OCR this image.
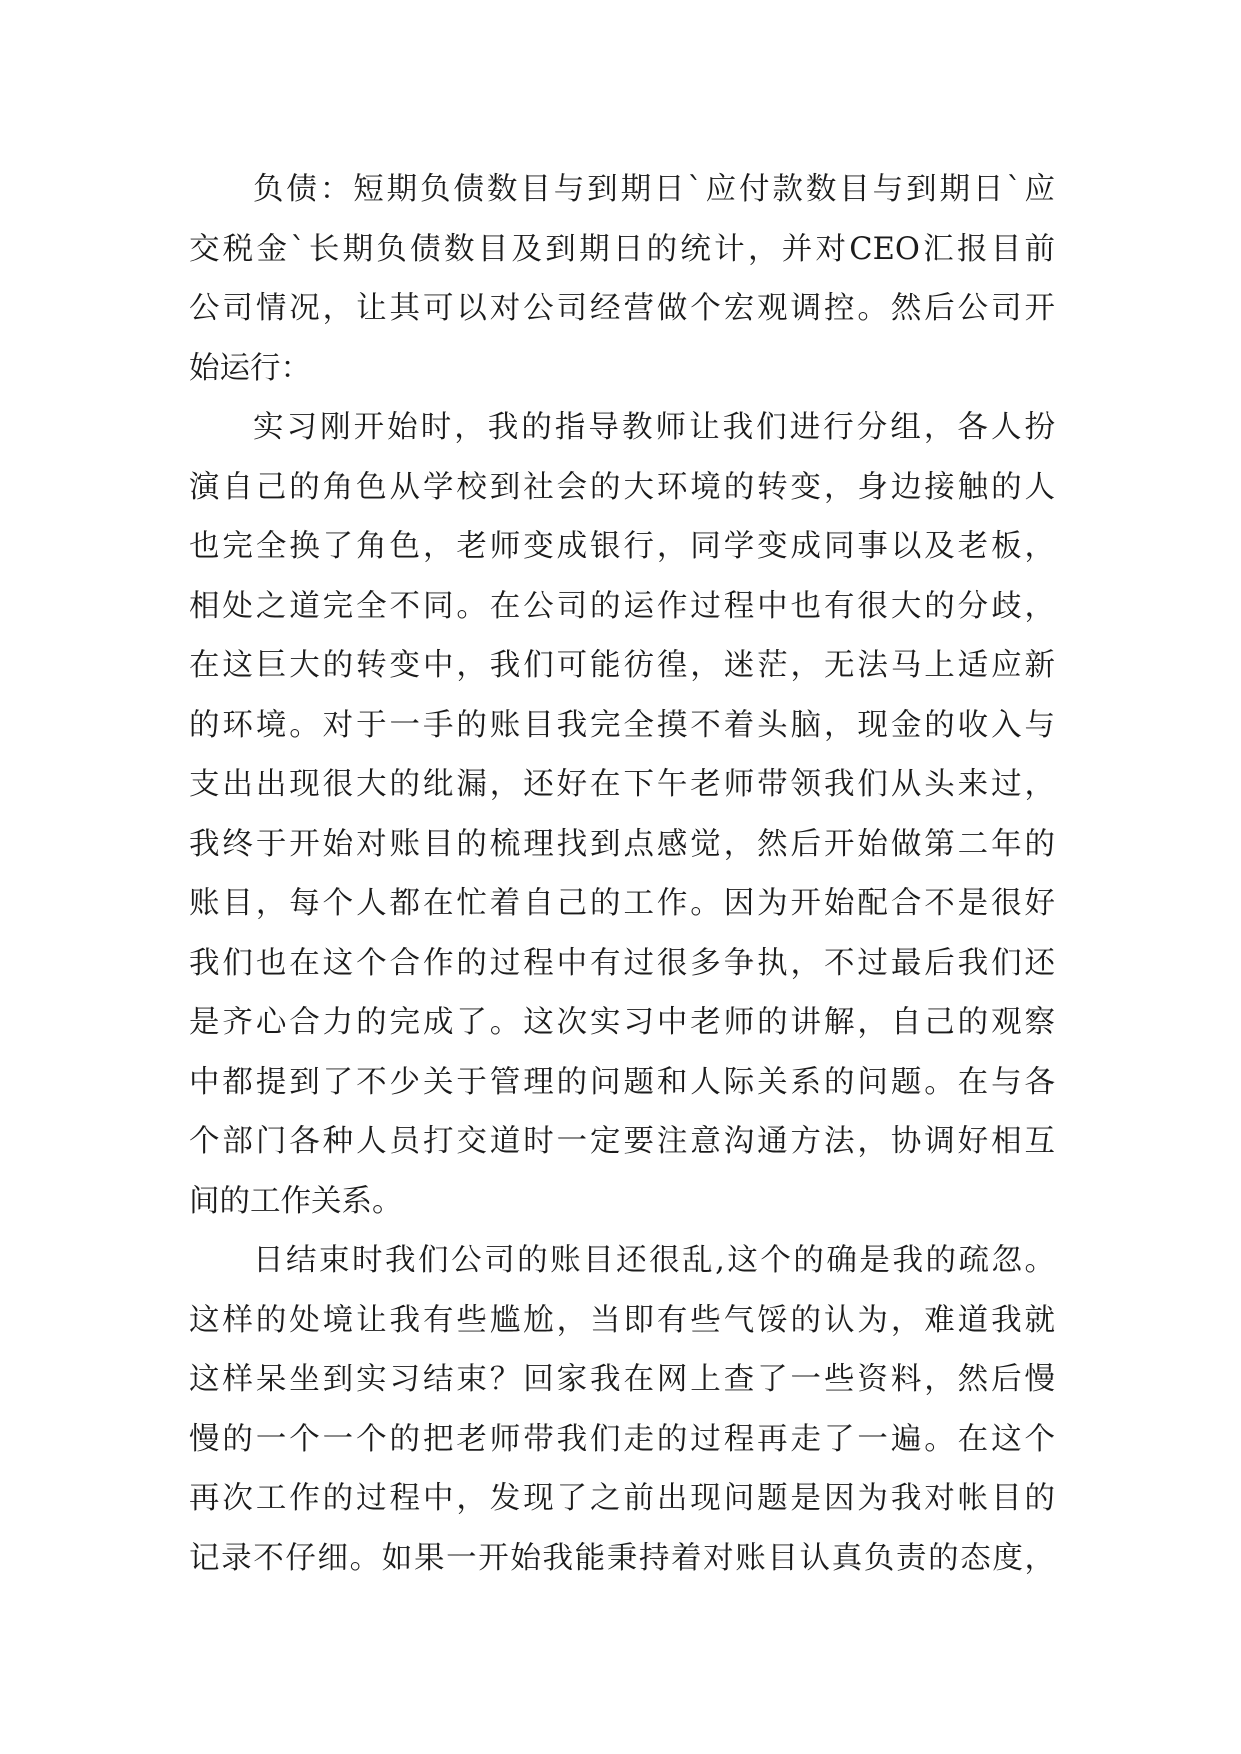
负债：短期负债数目与到期日`应付款数目与到期日`应
交税金`长期负债数目及到期日的统计，并对CEO汇报目前
公司情况，让其可以对公司经营做个宏观调控。然后公司开
始运行：
实习刚开始时，我的指导教师让我们进行分组，各人扮
演自己的角色从学校到社会的大环境的转变，身边接触的人
也完全换了角色，老师变成银行，同学变成同事以及老板，
相处之道完全不同。在公司的运作过程中也有很大的分歧，
在这巨大的转变中，我们可能彷徨，迷茫，无法马上适应新
的环境。对于一手的账目我完全摸不着头脑，现金的收入与
支出出现很大的纰漏，还好在下午老师带领我们从头来过，
我终于开始对账目的梳理找到点感觉，然后开始做第二年的
账目，每个人都在忙着自己的工作。因为开始配合不是很好
我们也在这个合作的过程中有过很多争执，不过最后我们还
是齐心合力的完成了。这次实习中老师的讲解，自己的观察
中都提到了不少关于管理的问题和人际关系的问题。在与各
个部门各种人员打交道时一定要注意沟通方法，协调好相互
间的工作关系。
日结束时我们公司的账目还很乱,这个的确是我的疏忽。
这样的处境让我有些尴尬，当即有些气馁的认为，难道我就
这样呆坐到实习结束？回家我在网上查了一些资料，然后慢
慢的一个一个的把老师带我们走的过程再走了一遍。在这个
再次工作的过程中，发现了之前出现问题是因为我对帐目的
记录不仔细。如果一开始我能秉持着对账目认真负责的态度，
